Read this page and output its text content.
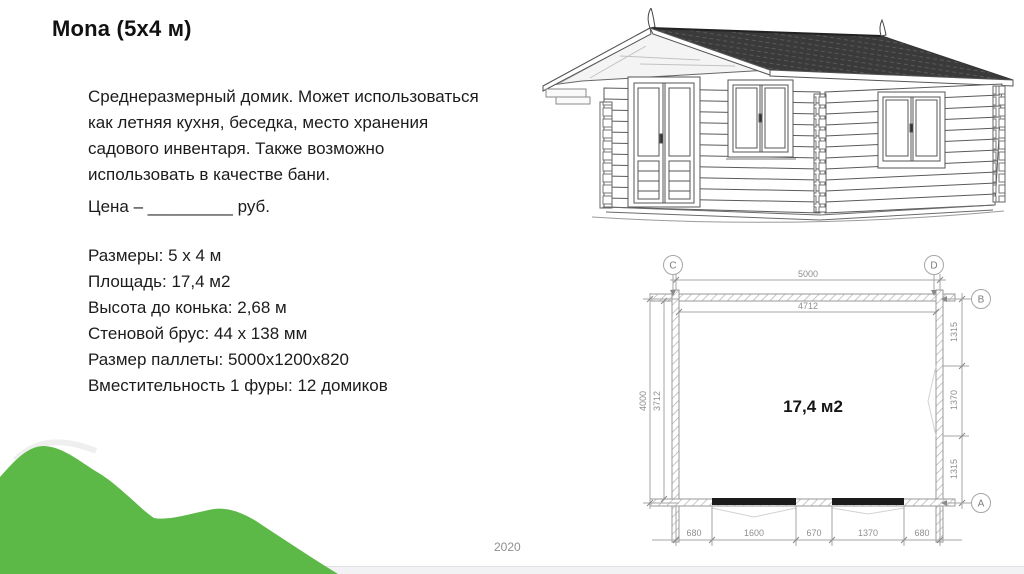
Mona (5x4 м)
Среднеразмерный домик. Может использоваться
как летняя кухня, беседка, место хранения
садового инвентаря. Также возможно
использовать в качестве бани.
Цена – _________ руб.
Размеры: 5 х 4 м
Площадь: 17,4 м2
Высота до конька: 2,68 м
Стеновой брус: 44 х 138 мм
Размер паллеты: 5000х1200х820
Вместительность 1 фуры: 12 домиков
C	D
B
A
5000
4712
4000 3712
1315
1370
1315
680	1600	670	1370	680
17,4 м2
2020
